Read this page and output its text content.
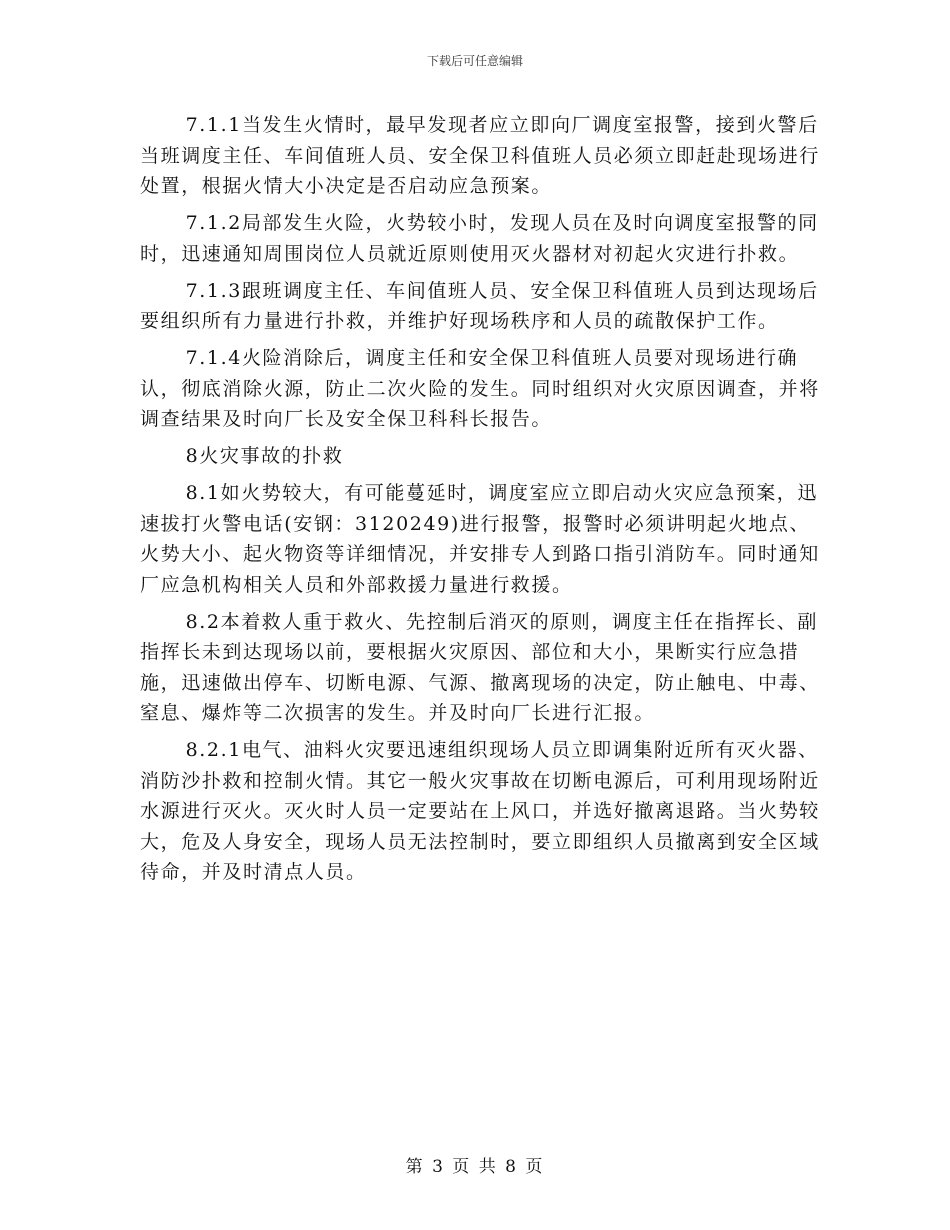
下载后可任意编辑

7.1.1当发生火情时，最早发现者应立即向厂调度室报警，接到火警后当班调度主任、车间值班人员、安全保卫科值班人员必须立即赶赴现场进行处置，根据火情大小决定是否启动应急预案。

7.1.2局部发生火险，火势较小时，发现人员在及时向调度室报警的同时，迅速通知周围岗位人员就近原则使用灭火器材对初起火灾进行扑救。

7.1.3跟班调度主任、车间值班人员、安全保卫科值班人员到达现场后要组织所有力量进行扑救，并维护好现场秩序和人员的疏散保护工作。

7.1.4火险消除后，调度主任和安全保卫科值班人员要对现场进行确认，彻底消除火源，防止二次火险的发生。同时组织对火灾原因调查，并将调查结果及时向厂长及安全保卫科科长报告。

8火灾事故的扑救

8.1如火势较大，有可能蔓延时，调度室应立即启动火灾应急预案，迅速拔打火警电话(安钢：3120249)进行报警，报警时必须讲明起火地点、火势大小、起火物资等详细情况，并安排专人到路口指引消防车。同时通知厂应急机构相关人员和外部救援力量进行救援。

8.2本着救人重于救火、先控制后消灭的原则，调度主任在指挥长、副指挥长未到达现场以前，要根据火灾原因、部位和大小，果断实行应急措施，迅速做出停车、切断电源、气源、撤离现场的决定，防止触电、中毒、窒息、爆炸等二次损害的发生。并及时向厂长进行汇报。

8.2.1电气、油料火灾要迅速组织现场人员立即调集附近所有灭火器、消防沙扑救和控制火情。其它一般火灾事故在切断电源后，可利用现场附近水源进行灭火。灭火时人员一定要站在上风口，并选好撤离退路。当火势较大，危及人身安全，现场人员无法控制时，要立即组织人员撤离到安全区域待命，并及时清点人员。

第 3 页 共 8 页
